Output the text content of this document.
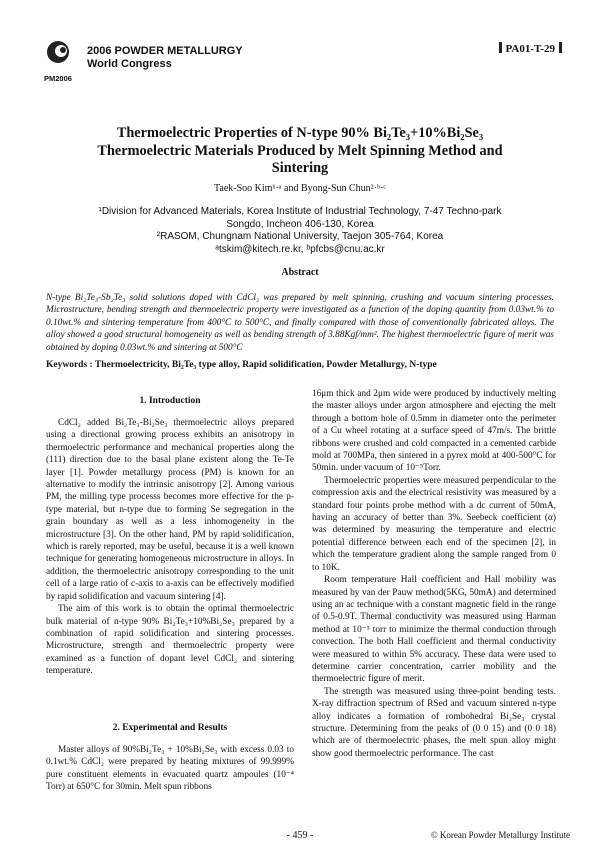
PM2006
2006 POWDER METALLURGY
World Congress
PA01-T-29
Thermoelectric Properties of N-type 90% Bi₂Te₃+10%Bi₂Se₃
Thermoelectric Materials Produced by Melt Spinning Method and
Sintering
Taek-Soo Kim¹·ᵃ and Byong-Sun Chun²·ᵇ·ᶜ
¹Division for Advanced Materials, Korea Institute of Industrial Technology, 7-47 Techno-park
Songdo, Incheon 406-130, Korea
²RASOM, Chungnam National University, Taejon 305-764, Korea
ᵃtskim@kitech.re.kr, ᵇpfcbs@cnu.ac.kr
Abstract
N-type Bi₂Te₃-Sb₂Te₃ solid solutions doped with CdCl₂ was prepared by melt spinning, crushing and vacuum sintering processes. Microstructure, bending strength and thermoelectric property were investigated as a function of the doping quantity from 0.03wt.% to 0.10wt.% and sintering temperature from 400°C to 500°C, and finally compared with those of conventionally fabricated alloys. The alloy showed a good structural homogeneity as well as bending strength of 3.88Kgf/mm². The highest thermoelectric figure of merit was obtained by doping 0.03wt.% and sintering at 500°C
Keywords : Thermoelectricity, Bi₂Te₃ type alloy, Rapid solidification, Powder Metallurgy, N-type
1. Introduction

CdCl₂ added Bi₂Te₃-Bi₂Se₃ thermoelectric alloys prepared using a directional growing process exhibits an anisotropy in thermoelectric performance and mechanical properties along the (111) direction due to the basal plane existent along the Te-Te layer [1]. Powder metallurgy process (PM) is known for an alternative to modify the intrinsic anisotropy [2]. Among various PM, the milling type processs becomes more effective for the p-type material, but n-type due to forming Se segregation in the grain boundary as well as a less inhomogeneity in the microstructure [3]. On the other hand, PM by rapid solidification, which is rarely reported, may be useful, because it is a well known technique for generating homogeneous microstructure in alloys. In addition, the thermoelectric anisotropy corresponding to the unit cell of a large ratio of c-axis to a-axis can be effectively modified by rapid solidification and vacuum sintering [4].

The aim of this work is to obtain the optimal thermoelectric bulk material of n-type 90% Bi₂Te₃+10%Bi₂Se₃ prepared by a combination of rapid solidification and sintering processes. Microstructure, strength and thermoelectric property were examined as a function of dopant level CdCl₂ and sintering temperature.

2. Experimental and Results

Master alloys of 90%Bi₂Te₃ + 10%Bi₂Se₃ with excess 0.03 to 0.1wt.% CdCl₂ were prepared by heating mixtures of 99.999% pure constituent elements in evacuated quartz ampoules (10⁻⁴ Torr) at 650°C for 30min. Melt spun ribbons

16μm thick and 2μm wide were produced by inductively melting the master alloys under argon atmosphere and ejecting the melt through a bottom hole of 0.5mm in diameter onto the perimeter of a Cu wheel rotating at a surface speed of 47m/s. The brittle ribbons were crushed and cold compacted in a cemented carbide mold at 700MPa, then sintered in a pyrex mold at 400-500°C for 50min. under vacuum of 10⁻⁵Torr.

Thermoelectric properties were measured perpendicular to the compression axis and the electrical resistivity was measured by a standard four points probe method with a dc current of 50mA, having an accuracy of better than 3%. Seebeck coefficient (α) was determined by measuring the temperature and electric potential difference between each end of the specimen [2], in which the temperature gradient along the sample ranged from 0 to 10K.

Room temperature Hall coefficient and Hall mobility was measured by van der Pauw method(5KG, 50mA) and determined using an ac technique with a constant magnetic field in the range of 0.5-0.9T. Thermal conductivity was measured using Harman method at 10⁻⁵ torr to minimize the thermal conduction through convection. The both Hall coefficient and thermal conductivity were measured to within 5% accuracy. These data were used to determine carrier concentration, carrier mobility and the thermoelectric figure of merit.

The strength was measured using three-point bending tests. X-ray diffraction spectrum of RSed and vacuum sintered n-type alloy indicates a formation of rombohedral Bi₂Se₃ crystal structure. Determining from the peaks of (0 0 15) and (0 0 18) which are of thermoelectric phases, the melt spun alloy might show good thermoelectric performance. The cast

- 459 -	© Korean Powder Metallurgy Institute
